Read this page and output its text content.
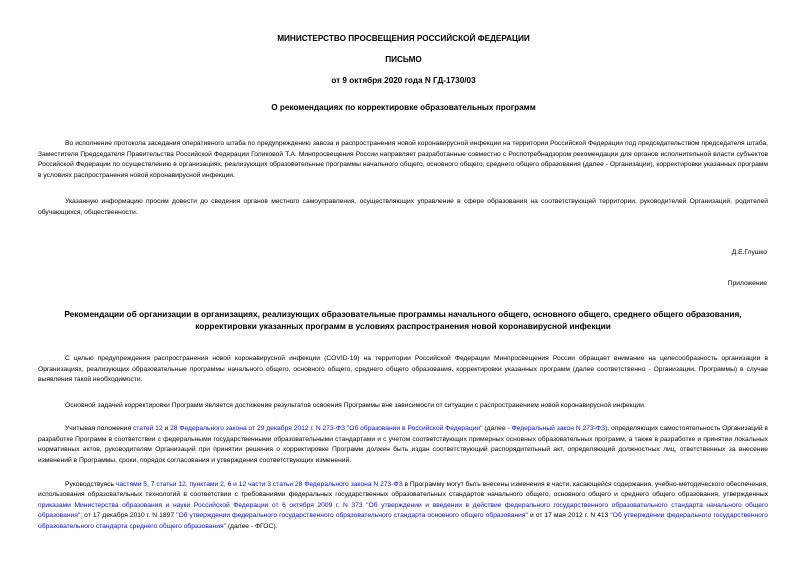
МИНИСТЕРСТВО ПРОСВЕЩЕНИЯ РОССИЙСКОЙ ФЕДЕРАЦИИ
ПИСЬМО
от 9 октября 2020 года N ГД-1730/03
О рекомендациях по корректировке образовательных программ
Во исполнение протокола заседания оперативного штаба по предупреждению завоза и распространения новой коронавирусной инфекции на территории Российской Федерации под председательством председателя штаба, Заместителя Председателя Правительства Российской Федерации Голиковой Т.А. Минпросвещения России направляет разработанные совместно с Роспотребнадзором рекомендации для органов исполнительной власти субъектов Российской Федерации по осуществлению в организациях, реализующих образовательные программы начального общего, основного общего, среднего общего образования (далее - Организации), корректировки указанных программ в условиях распространения новой коронавирусной инфекции.
Указанную информацию просим довести до сведения органов местного самоуправления, осуществляющих управление в сфере образования на соответствующей территории, руководителей Организаций, родителей обучающихся, общественности.
Д.Е.Глушко
Приложение
Рекомендации об организации в организациях, реализующих образовательные программы начального общего, основного общего, среднего общего образования, корректировки указанных программ в условиях распространения новой коронавирусной инфекции
С целью предупреждения распространения новой коронавирусной инфекции (COVID-19) на территории Российской Федерации Минпросвещения России обращает внимание на целесообразность организации в Организациях, реализующих образовательные программы начального общего, основного общего, среднего общего образования, корректировки указанных программ (далее соответственно - Организации, Программы) в случае выявления такой необходимости.
Основной задачей корректировки Программ является достижение результатов освоения Программы вне зависимости от ситуации с распространением новой коронавирусной инфекции.
Учитывая положения статей 12 и 28 Федерального закона от 29 декабря 2012 г. N 273-ФЗ "Об образовании в Российской Федерации" (далее - Федеральный закон N 273-ФЗ), определяющих самостоятельность Организаций в разработке Программ в соответствии с федеральными государственными образовательными стандартами и с учетом соответствующих примерных основных образовательных программ, а также в разработке и принятии локальных нормативных актов, руководителям Организаций при принятии решения о корректировке Программ должен быть издан соответствующий распорядительный акт, определяющий должностных лиц, ответственных за внесение изменений в Программы, сроки, порядок согласования и утверждения соответствующих изменений.
Руководствуясь частями 5, 7 статьи 12, пунктами 2, 6 и 12 части 3 статьи 28 Федерального закона N 273-ФЗ в Программу могут быть внесены изменения в части, касающейся содержания, учебно-методического обеспечения, использования образовательных технологий в соответствии с требованиями федеральных государственных образовательных стандартов начального общего, основного общего и среднего общего образования, утвержденных приказами Министерства образования и науки Российской Федерации от 6 октября 2009 г. N 373 "Об утверждении и введении в действие федерального государственного образовательного стандарта начального общего образования"; от 17 декабря 2010 г. N 1897 "Об утверждении федерального государственного образовательного стандарта основного общего образования" и от 17 мая 2012 г. N 413 "Об утверждении федерального государственного образовательного стандарта среднего общего образования" (далее - ФГОС).
